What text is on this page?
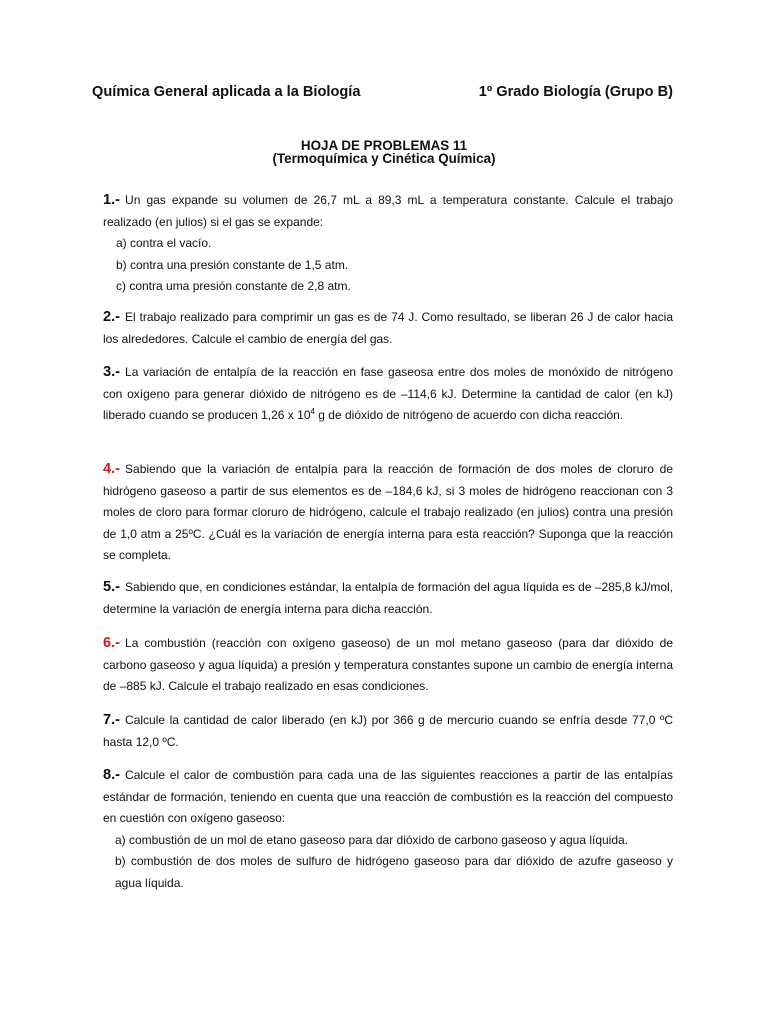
Química General aplicada a la Biología	1º Grado Biología (Grupo B)
HOJA DE PROBLEMAS 11
(Termoquímica y Cinética Química)
1.- Un gas expande su volumen de 26,7 mL a 89,3 mL a temperatura constante. Calcule el trabajo realizado (en julios) si el gas se expande:
a) contra el vacío.
b) contra una presión constante de 1,5 atm.
c) contra uma presión constante de 2,8 atm.
2.- El trabajo realizado para comprimir un gas es de 74 J. Como resultado, se liberan 26 J de calor hacia los alrededores. Calcule el cambio de energía del gas.
3.- La variación de entalpía de la reacción en fase gaseosa entre dos moles de monóxido de nitrógeno con oxígeno para generar dióxido de nitrógeno es de –114,6 kJ. Determine la cantidad de calor (en kJ) liberado cuando se producen 1,26 x $10^4$ g de dióxido de nitrógeno de acuerdo con dicha reacción.
4.- Sabiendo que la variación de entalpía para la reacción de formación de dos moles de cloruro de hidrógeno gaseoso a partir de sus elementos es de –184,6 kJ, si 3 moles de hidrógeno reaccionan con 3 moles de cloro para formar cloruro de hidrógeno, calcule el trabajo realizado (en julios) contra una presión de 1,0 atm a 25ºC. ¿Cuál es la variación de energía interna para esta reacción? Suponga que la reacción se completa.
5.- Sabiendo que, en condiciones estándar, la entalpía de formación del agua líquida es de –285,8 kJ/mol, determine la variación de energía interna para dicha reacción.
6.- La combustión (reacción con oxígeno gaseoso) de un mol metano gaseoso (para dar dióxido de carbono gaseoso y agua líquida) a presión y temperatura constantes supone un cambio de energía interna de –885 kJ. Calcule el trabajo realizado en esas condiciones.
7.- Calcule la cantidad de calor liberado (en kJ) por 366 g de mercurio cuando se enfría desde 77,0 ºC hasta 12,0 ºC.
8.- Calcule el calor de combustión para cada una de las siguientes reacciones a partir de las entalpías estándar de formación, teniendo en cuenta que una reacción de combustión es la reacción del compuesto en cuestión con oxígeno gaseoso:
a) combustión de un mol de etano gaseoso para dar dióxido de carbono gaseoso y agua líquida.
b) combustión de dos moles de sulfuro de hidrógeno gaseoso para dar dióxido de azufre gaseoso y agua líquida.
